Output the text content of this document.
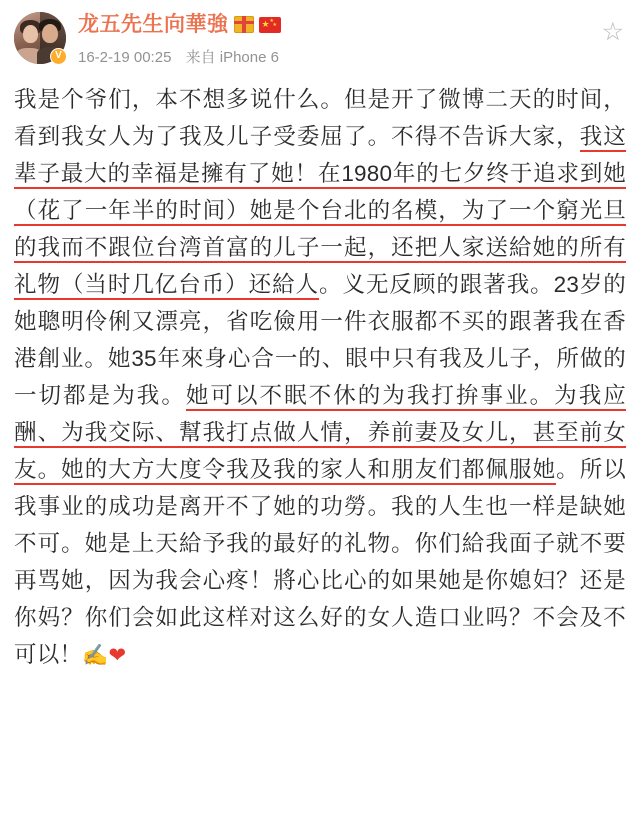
V
龙五先生向華強	★ ★
★
16-2-19 00:25 来自 iPhone 6
☆
我是个爷们，本不想多说什么。但是开了微博二天的时间，看到我女人为了我及儿子受委屈了。不得不告诉大家，我这辈子最大的幸福是擁有了她！在1980年的七夕终于追求到她（花了一年半的时间）她是个台北的名模，为了一个窮光旦的我而不跟位台湾首富的儿子一起，还把人家送給她的所有礼物（当时几亿台币）还給人。义无反顾的跟著我。23岁的她聰明伶俐又漂亮，省吃儉用一件衣服都不买的跟著我在香港創业。她35年來身心合一的、眼中只有我及儿子，所做的一切都是为我。她可以不眠不休的为我打拚事业。为我应酬、为我交际、幫我打点做人情，养前妻及女儿，甚至前女友。她的大方大度令我及我的家人和朋友们都佩服她。所以我事业的成功是离开不了她的功勞。我的人生也一样是缺她不可。她是上天給予我的最好的礼物。你们給我面子就不要再骂她，因为我会心疼！將心比心的如果她是你媳妇？还是你妈？你们会如此这样对这么好的女人造口业吗？不会及不可以！✍❤
